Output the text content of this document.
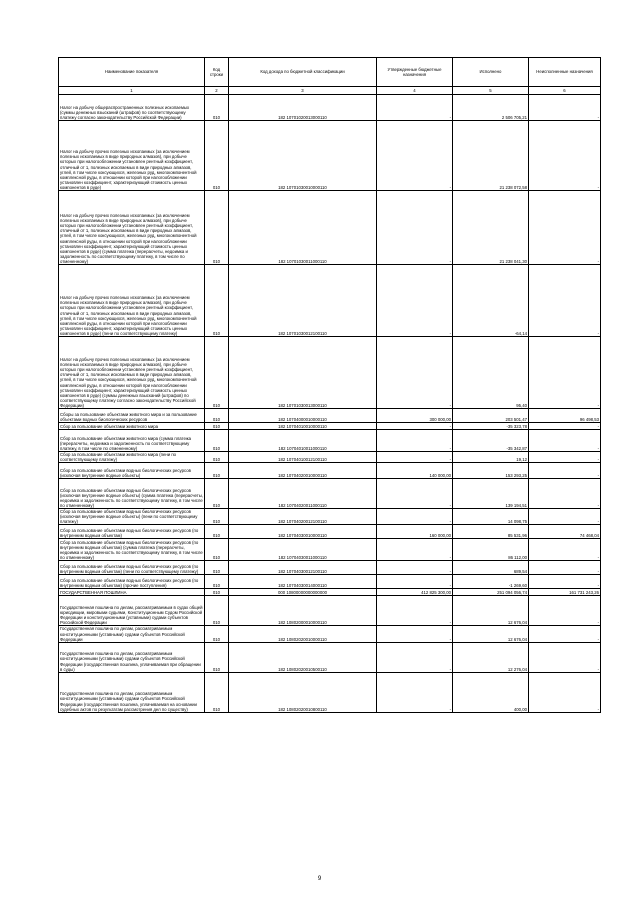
Наименование показателя	Код строки	Код дохода по бюджетной классификации	Утвержденные бюджетные назначения	Исполнено	Неисполненные назначения
1	2	3	4	5	6
Налог на добычу общераспространенных полезных ископаемых (суммы денежных взысканий (штрафов) по соответствующему платежу согласно законодательству Российской Федерации)	010	182 10701020013000110	-	2 506 705,21	-
Налог на добычу прочих полезных ископаемых (за исключением полезных ископаемых в виде природных алмазов), при добыче которых при налогообложении установлен рентный коэффициент, отличный от 1, полезных ископаемых в виде природных алмазов, углей, в том числе коксующихся, железных руд, многокомпонентной комплексной руды, в отношении которой при налогообложении установлен коэффициент, характеризующий стоимость ценных компонентов в руде)	010	182 10701030010000110	-	21 238 072,58	-
Налог на добычу прочих полезных ископаемых (за исключением полезных ископаемых в виде природных алмазов), при добыче которых при налогообложении установлен рентный коэффициент, отличный от 1, полезных ископаемых в виде природных алмазов, углей, в том числе коксующихся, железных руд, многокомпонентной комплексной руды, в отношении которой при налогообложении установлен коэффициент, характеризующий стоимость ценных компонентов в руде) (сумма платежа (перерасчеты, недоимка и задолженность по соответствующему платежу, в том числе по отмененному)	010	182 10701030011000110	-	21 238 041,30	-
Налог на добычу прочих полезных ископаемых (за исключением полезных ископаемых в виде природных алмазов), при добыче которых при налогообложении установлен рентный коэффициент, отличный от 1, полезных ископаемых в виде природных алмазов, углей, в том числе коксующихся, железных руд, многокомпонентной комплексной руды, в отношении которой при налогообложении установлен коэффициент, характеризующий стоимость ценных компонентов в руде) (пени по соответствующему платежу)	010	182 10701030012100110	-	-64,14	-
Налог на добычу прочих полезных ископаемых (за исключением полезных ископаемых в виде природных алмазов), при добыче которых при налогообложении установлен рентный коэффициент, отличный от 1, полезных ископаемых в виде природных алмазов, углей, в том числе коксующихся, железных руд, многокомпонентной комплексной руды, в отношении которой при налогообложении установлен коэффициент, характеризующий стоимость ценных компонентов в руде) (суммы денежных взысканий (штрафов) по соответствующему платежу согласно законодательству Российской Федерации)	010	182 10701030013000110	-	95,40	-
Сборы за пользование объектами животного мира и за пользование объектами водных биологических ресурсов	010	182 10704000010000110	300 000,00	203 501,47	96 498,53
Сбор за пользование объектами животного мира	010	182 10704010010000110	-	-35 323,78	-
Сбор за пользование объектами животного мира (сумма платежа (перерасчеты, недоимка и задолженность по соответствующему платежу, в том числе по отмененному)	010	182 10704010011000110	-	-35 342,87	-
Сбор за пользование объектами животного мира (пени по соответствующему платежу)	010	182 10704010012100110	-	19,12	-
Сбор за пользование объектами водных биологических ресурсов (исключая внутренние водные объекты)	010	182 10704020010000110	140 000,00	153 293,25	-
Сбор за пользование объектами водных биологических ресурсов (исключая внутренние водные объекты) (сумма платежа (перерасчеты, недоимка и задолженность по соответствующему платежу, в том числе по отмененному)	010	182 10704020011000110	-	139 194,51	-
Сбор за пользование объектами водных биологических ресурсов (исключая внутренние водные объекты) (пени по соответствующему платежу)	010	182 10704020012100110	-	14 098,75	-
Сбор за пользование объектами водных биологических ресурсов (по внутренним водным объектам)	010	182 10704030010000110	160 000,00	85 531,96	74 468,04
Сбор за пользование объектами водных биологических ресурсов (по внутренним водным объектам) (сумма платежа (перерасчеты, недоимка и задолженность по соответствующему платежу, в том числе по отмененному)	010	182 10704030011000110	-	86 112,00	-
Сбор за пользование объектами водных биологических ресурсов (по внутренним водным объектам) (пени по соответствующему платежу)	010	182 10704030012100110	-	689,54	-
Сбор за пользование объектами водных биологических ресурсов (по внутренним водным объектам) (прочие поступления)	010	182 10704030014000110	-	-1 269,60	-
ГОСУДАРСТВЕННАЯ ПОШЛИНА	010	000 10800000000000000	412 825 300,00	251 094 056,74	161 731 243,26
Государственная пошлина по делам, рассматриваемым в судах общей юрисдикции, мировыми судьями, Конституционным Судом Российской Федерации и конституционными (уставными) судами субъектов Российской Федерации	010	182 10802000010000110	-	12 676,04	-
Государственная пошлина по делам, рассматриваемым конституционными (уставными) судами субъектов Российской Федерации	010	182 10802020010000110	-	12 676,04	-
Государственная пошлина по делам, рассматриваемым конституционными (уставными) судами субъектов Российской Федерации (государственная пошлина, уплачиваемая при обращении в суды)	010	182 10802020010500110	-	12 276,04	-
Государственная пошлина по делам, рассматриваемым конституционными (уставными) судами субъектов Российской Федерации (государственная пошлина, уплачиваемая на основании судебных актов по результатам рассмотрения дел по существу)	010	182 10802020010800110	-	400,00	-
9
